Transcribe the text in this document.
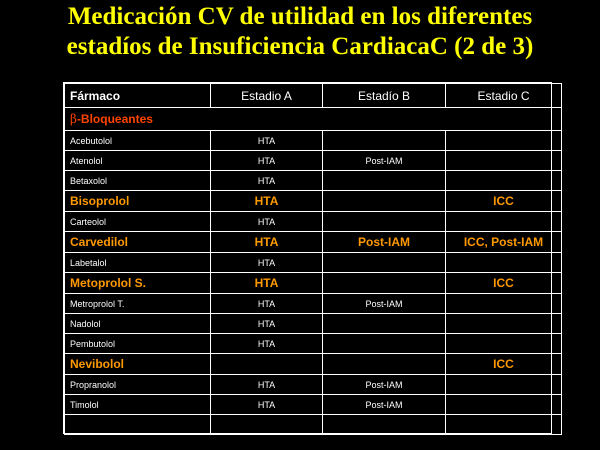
Medicación CV de utilidad en los diferentes
estadíos de Insuficiencia CardiacaC (2 de 3)
Fármaco	Estadio A	Estadío B	Estadio C
β-Bloqueantes			
Acebutolol	HTA		
Atenolol	HTA	Post-IAM	
Betaxolol	HTA		
Bisoprolol	HTA		ICC
Carteolol	HTA		
Carvedilol	HTA	Post-IAM	ICC, Post-IAM
Labetalol	HTA		
Metoprolol S.	HTA		ICC
Metroprolol T.	HTA	Post-IAM	
Nadolol	HTA		
Pembutolol	HTA		
Nevibolol			ICC
Propranolol	HTA	Post-IAM	
Timolol	HTA	Post-IAM	
